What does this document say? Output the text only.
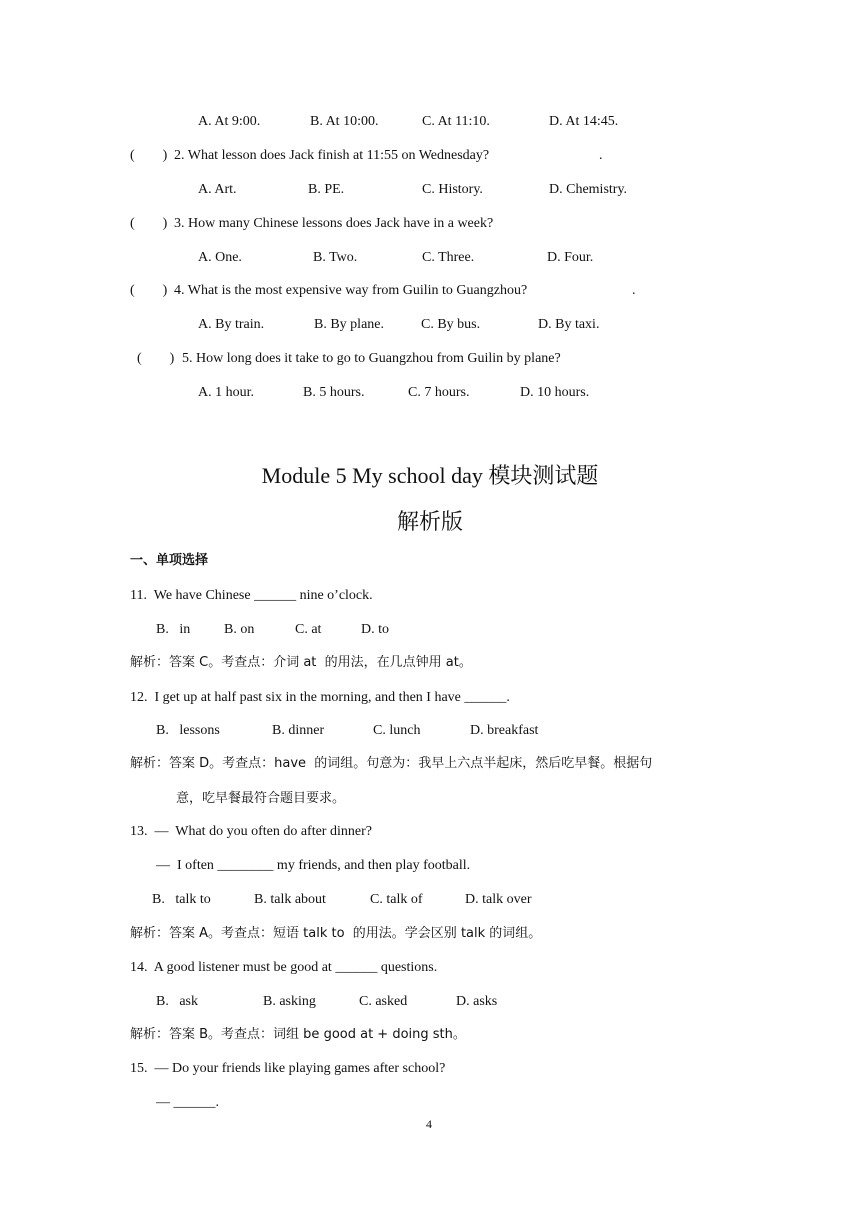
A. At 9:00.	B. At 10:00.	C. At 11:10.	D. At 14:45.
(        ) 2. What lesson does Jack finish at 11:55 on Wednesday?	.
A. Art.	B. PE.	C. History.	D. Chemistry.
(        ) 3. How many Chinese lessons does Jack have in a week?
A. One.	B. Two.	C. Three.	D. Four.
(        ) 4. What is the most expensive way from Guilin to Guangzhou?	.
A. By train.	B. By plane.	C. By bus.	D. By taxi.
(        ) 5. How long does it take to go to Guangzhou from Guilin by plane?
A. 1 hour.	B. 5 hours.	C. 7 hours.	D. 10 hours.
Module 5 My school day 模块测试题
解析版
一、单项选择
11.  We have Chinese ______ nine o’clock.
B.   in B. on	C. at	D. to
解析：答案 C。考查点：介词 at  的用法，在几点钟用 at。
12.  I get up at half past six in the morning, and then I have ______.
B.   lessons	B. dinner	C. lunch	D. breakfast
解析：答案 D。考查点：have  的词组。句意为：我早上六点半起床，然后吃早餐。根据句
意，吃早餐最符合题目要求。
13.  —  What do you often do after dinner?
—  I often ________ my friends, and then play football.
B.   talk to	B. talk about	C. talk of	D. talk over
解析：答案 A。考查点：短语 talk to  的用法。学会区别 talk 的词组。
14.  A good listener must be good at ______ questions.
B.   ask	B. asking	C. asked	D. asks
解析：答案 B。考查点：词组 be good at + doing sth。
15.  — Do your friends like playing games after school?
— ______.
4
